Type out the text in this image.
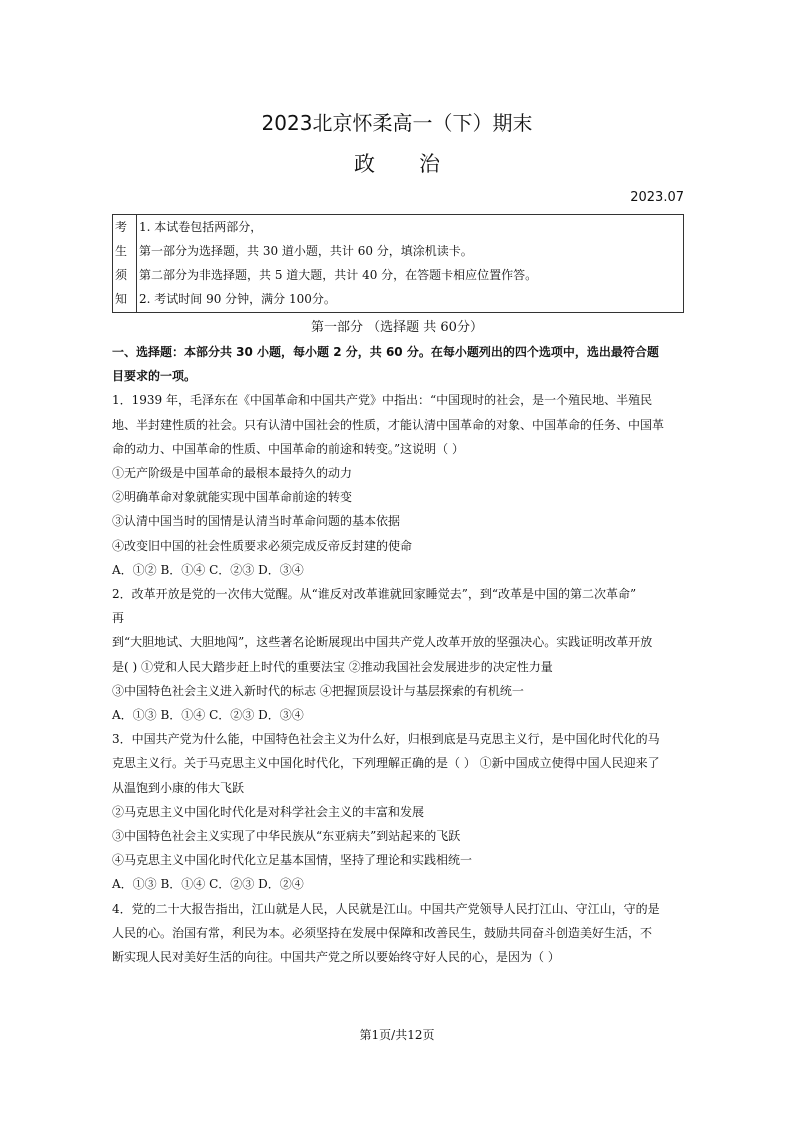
2023北京怀柔高一（下）期末
政治
2023.07
考
生
须
知
1. 本试卷包括两部分，
第一部分为选择题，共 30 道小题，共计 60 分，填涂机读卡。
第二部分为非选择题，共 5 道大题，共计 40 分，在答题卡相应位置作答。
2. 考试时间 90 分钟，满分 100分。
第一部分 （选择题 共 60分）
一、选择题：本部分共 30 小题，每小题 2 分，共 60 分。在每小题列出的四个选项中，选出最符合题
目要求的一项。
1．1939 年，毛泽东在《中国革命和中国共产党》中指出：“中国现时的社会，是一个殖民地、半殖民
地、半封建性质的社会。只有认清中国社会的性质，才能认清中国革命的对象、中国革命的任务、中国革
命的动力、中国革命的性质、中国革命的前途和转变。”这说明（ ）
①无产阶级是中国革命的最根本最持久的动力
②明确革命对象就能实现中国革命前途的转变
③认清中国当时的国情是认清当时革命问题的基本依据
④改变旧中国的社会性质要求必须完成反帝反封建的使命
A．①② B．①④ C．②③ D．③④
2．改革开放是党的一次伟大觉醒。从“谁反对改革谁就回家睡觉去”，到“改革是中国的第二次革命”
再
到“大胆地试、大胆地闯”，这些著名论断展现出中国共产党人改革开放的坚强决心。实践证明改革开放
是( ) ①党和人民大踏步赶上时代的重要法宝 ②推动我国社会发展进步的决定性力量
③中国特色社会主义进入新时代的标志 ④把握顶层设计与基层探索的有机统一
A．①③ B．①④ C．②③ D．③④
3．中国共产党为什么能，中国特色社会主义为什么好，归根到底是马克思主义行，是中国化时代化的马
克思主义行。关于马克思主义中国化时代化，下列理解正确的是（ ） ①新中国成立使得中国人民迎来了
从温饱到小康的伟大飞跃
②马克思主义中国化时代化是对科学社会主义的丰富和发展
③中国特色社会主义实现了中华民族从“东亚病夫”到站起来的飞跃
④马克思主义中国化时代化立足基本国情，坚持了理论和实践相统一
A．①③ B．①④ C．②③ D．②④
4．党的二十大报告指出，江山就是人民，人民就是江山。中国共产党领导人民打江山、守江山，守的是
人民的心。治国有常，利民为本。必须坚持在发展中保障和改善民生，鼓励共同奋斗创造美好生活，不
断实现人民对美好生活的向往。中国共产党之所以要始终守好人民的心，是因为（ ）
第1页/共12页
